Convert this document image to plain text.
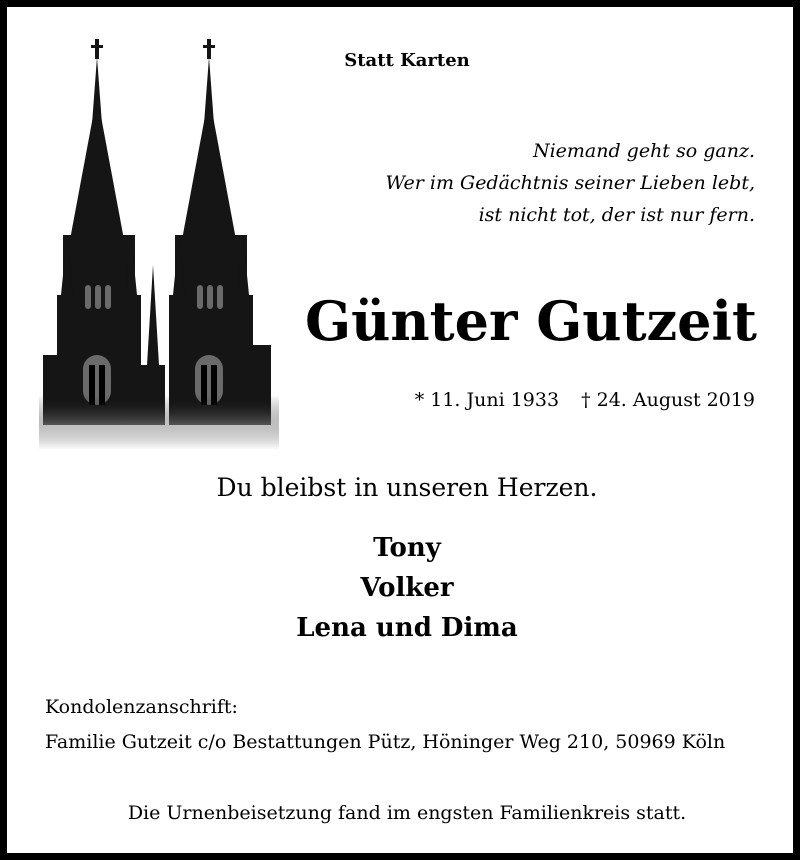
Statt Karten
Niemand geht so ganz.
Wer im Gedächtnis seiner Lieben lebt,
ist nicht tot, der ist nur fern.
Günter Gutzeit
* 11. Juni 1933 † 24. August 2019
Du bleibst in unseren Herzen.
Tony
Volker
Lena und Dima
Kondolenzanschrift:
Familie Gutzeit c/o Bestattungen Pütz, Höninger Weg 210, 50969 Köln
Die Urnenbeisetzung fand im engsten Familienkreis statt.
